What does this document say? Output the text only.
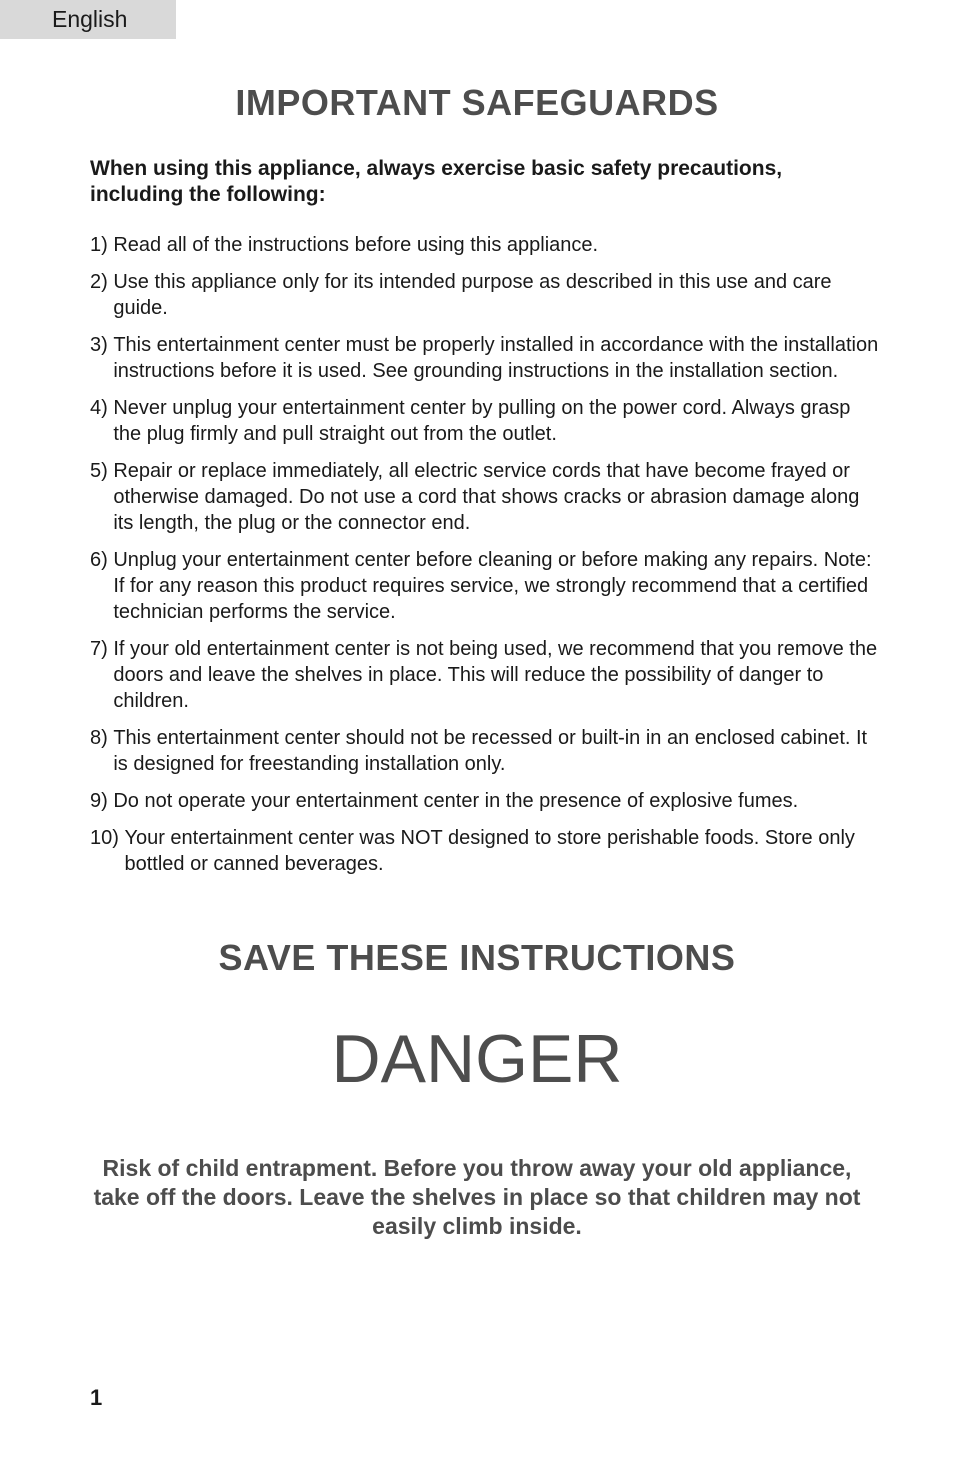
English
IMPORTANT SAFEGUARDS
When using this appliance, always exercise basic safety precautions, including the following:
1) Read all of the instructions before using this appliance.
2) Use this appliance only for its intended purpose as described in this use and care guide.
3) This entertainment center must be properly installed in accordance with the installation instructions before it is used. See grounding instructions in the installation section.
4) Never unplug your entertainment center by pulling on the power cord. Always grasp the plug firmly and pull straight out from the outlet.
5) Repair or replace immediately, all electric service cords that have become frayed or otherwise damaged. Do not use a cord that shows cracks or abrasion damage along its length, the plug or the connector end.
6) Unplug your entertainment center before cleaning or before making any repairs. Note: If for any reason this product requires service, we strongly recommend that a certified technician performs the service.
7) If your old entertainment center is not being used, we recommend that you remove the doors and leave the shelves in place. This will reduce the possibility of danger to children.
8) This entertainment center should not be recessed or built-in in an enclosed cabinet. It is designed for freestanding installation only.
9) Do not operate your entertainment center in the presence of explosive fumes.
10) Your entertainment center was NOT designed to store perishable foods. Store only bottled or canned beverages.
SAVE THESE INSTRUCTIONS
DANGER
Risk of child entrapment. Before you throw away your old appliance, take off the doors. Leave the shelves in place so that children may not easily climb inside.
1
